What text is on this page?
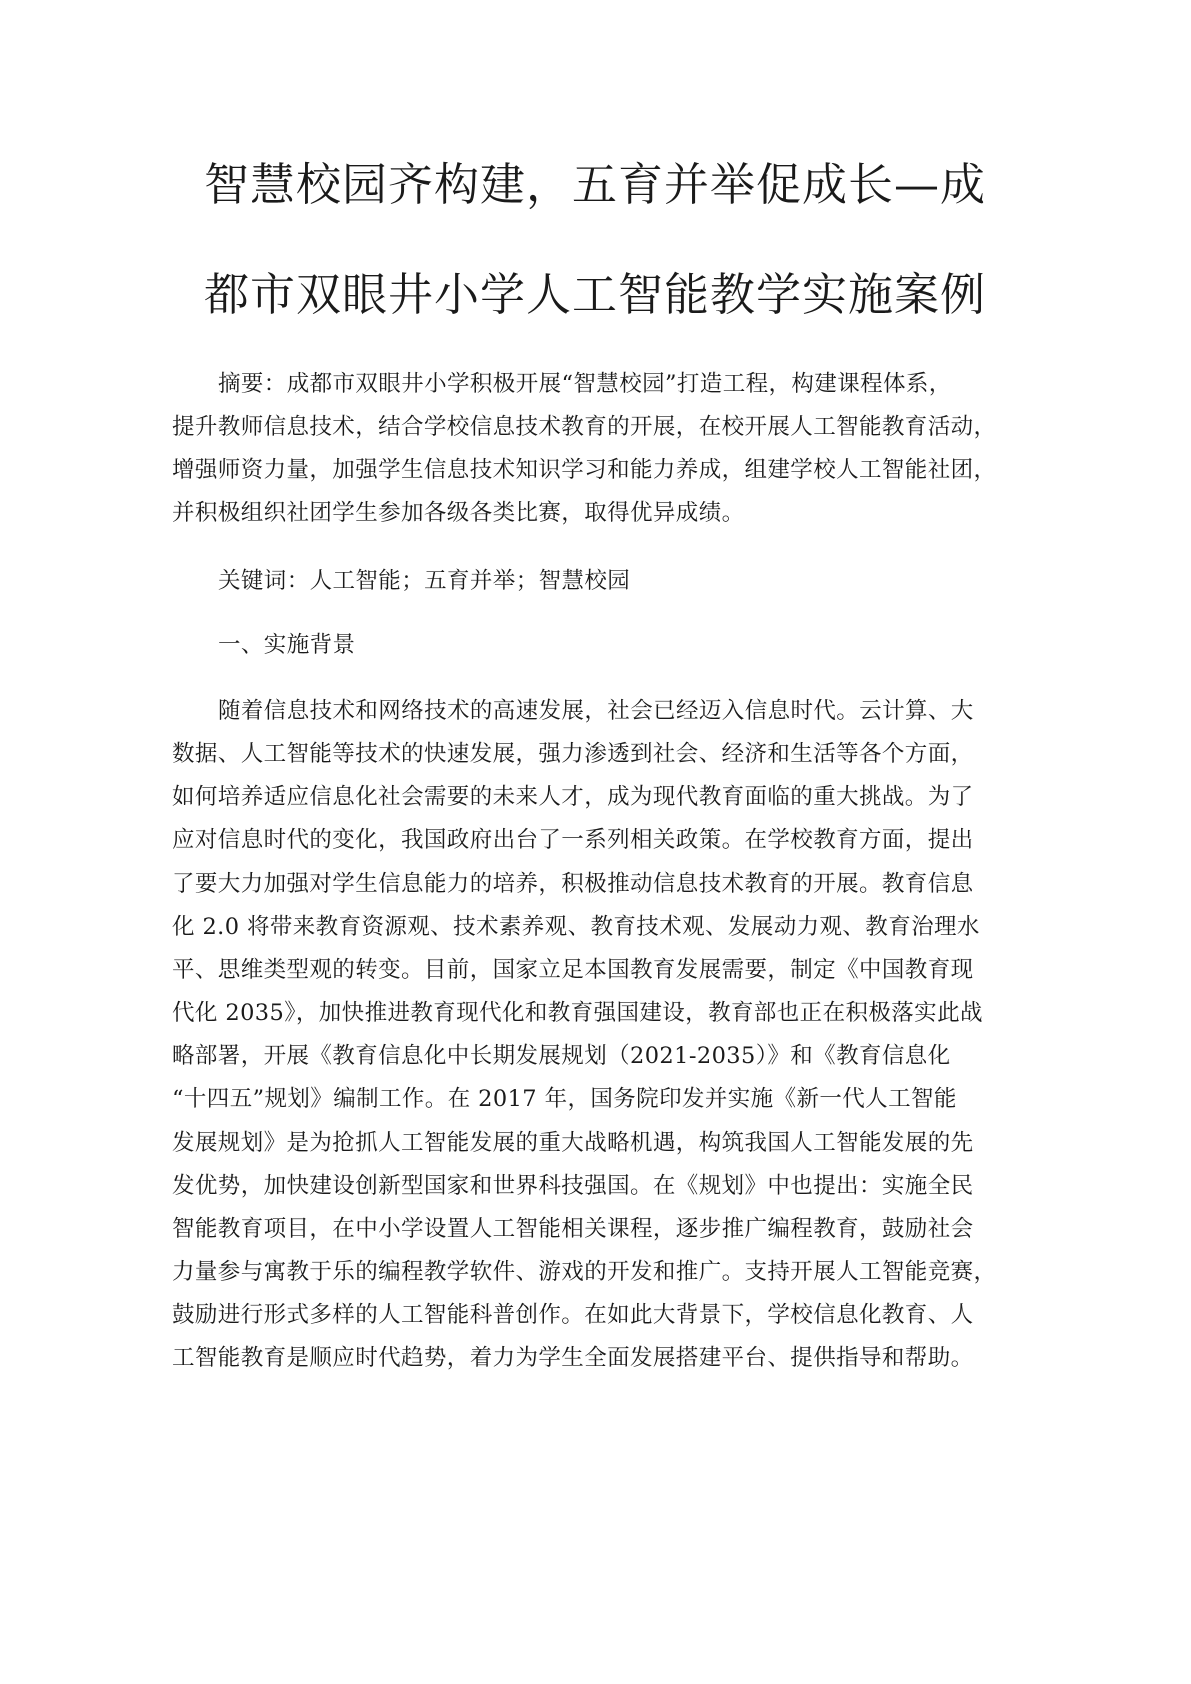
智慧校园齐构建，五育并举促成长—成
都市双眼井小学人工智能教学实施案例

摘要：成都市双眼井小学积极开展“智慧校园”打造工程，构建课程体系，

提升教师信息技术，结合学校信息技术教育的开展，在校开展人工智能教育活动，

增强师资力量，加强学生信息技术知识学习和能力养成，组建学校人工智能社团，

并积极组织社团学生参加各级各类比赛，取得优异成绩。

关键词：人工智能；五育并举；智慧校园

一、实施背景

随着信息技术和网络技术的高速发展，社会已经迈入信息时代。云计算、大

数据、人工智能等技术的快速发展，强力渗透到社会、经济和生活等各个方面，

如何培养适应信息化社会需要的未来人才，成为现代教育面临的重大挑战。为了

应对信息时代的变化，我国政府出台了一系列相关政策。在学校教育方面，提出

了要大力加强对学生信息能力的培养，积极推动信息技术教育的开展。教育信息

化 2.0 将带来教育资源观、技术素养观、教育技术观、发展动力观、教育治理水

平、思维类型观的转变。目前，国家立足本国教育发展需要，制定《中国教育现

代化 2035》，加快推进教育现代化和教育强国建设，教育部也正在积极落实此战

略部署，开展《教育信息化中长期发展规划（2021-2035）》和《教育信息化

“十四五”规划》编制工作。在 2017 年，国务院印发并实施《新一代人工智能

发展规划》是为抢抓人工智能发展的重大战略机遇，构筑我国人工智能发展的先

发优势，加快建设创新型国家和世界科技强国。在《规划》中也提出：实施全民

智能教育项目，在中小学设置人工智能相关课程，逐步推广编程教育，鼓励社会

力量参与寓教于乐的编程教学软件、游戏的开发和推广。支持开展人工智能竞赛，

鼓励进行形式多样的人工智能科普创作。在如此大背景下，学校信息化教育、人

工智能教育是顺应时代趋势，着力为学生全面发展搭建平台、提供指导和帮助。
